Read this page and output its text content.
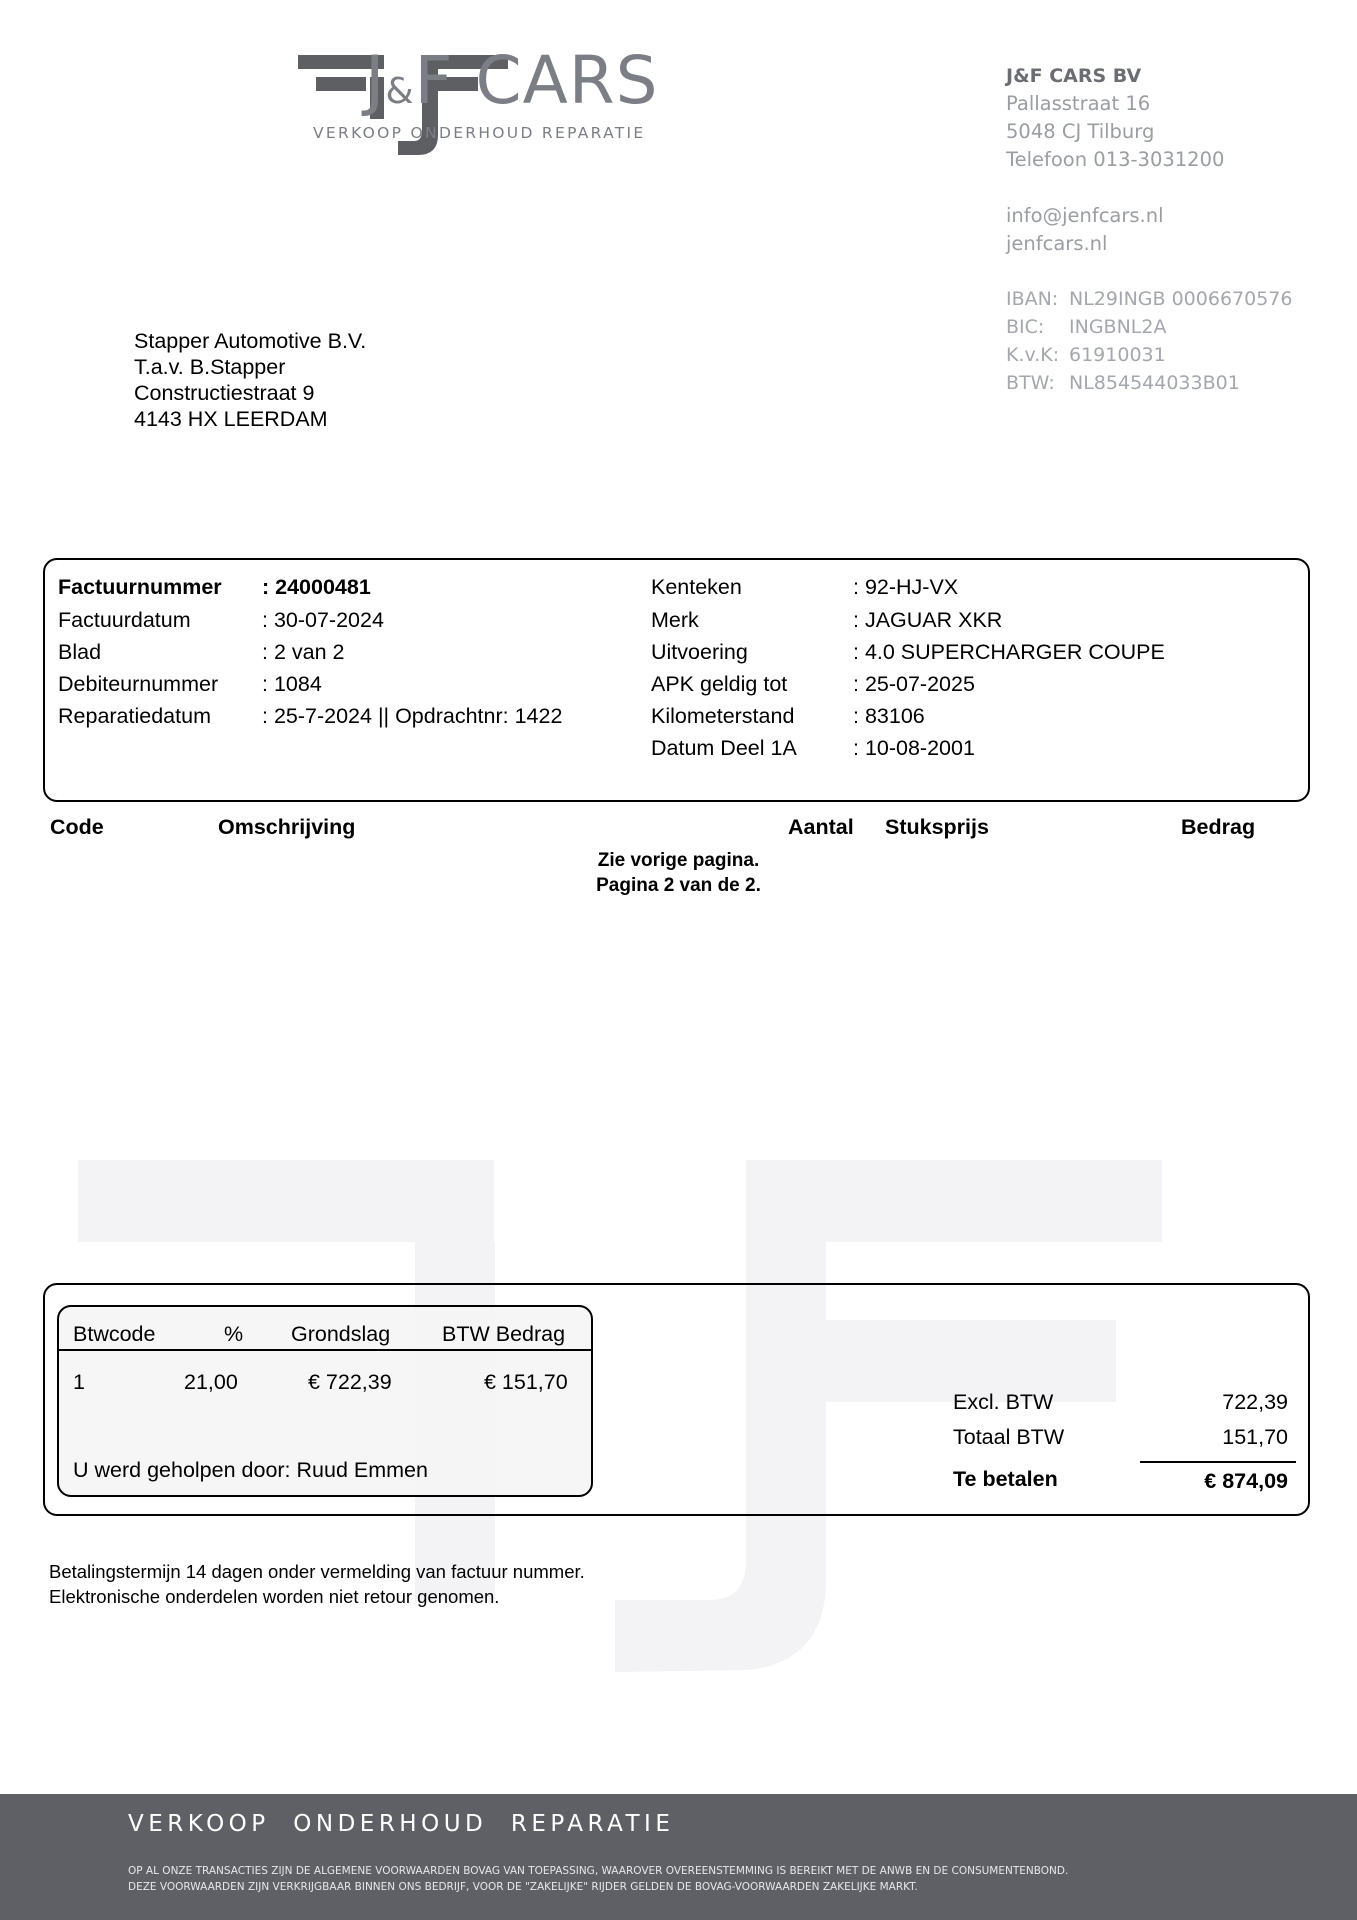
J&F CARS
VERKOOP ONDERHOUD REPARATIE
J&F CARS BV
Pallasstraat 16
5048 CJ Tilburg
Telefoon 013-3031200
info@jenfcars.nl
jenfcars.nl
IBAN: NL29INGB 0006670576
BIC:	INGBNL2A
K.v.K: 61910031
BTW: NL854544033B01
Stapper Automotive B.V.
T.a.v. B.Stapper
Constructiestraat 9
4143 HX LEERDAM
Factuurnummer : 24000481
Factuurdatum	: 30-07-2024
Blad	: 2 van 2
Debiteurnummer : 1084
Reparatiedatum : 25-7-2024 || Opdrachtnr: 1422
Kenteken	: 92-HJ-VX
Merk	: JAGUAR XKR
Uitvoering	: 4.0 SUPERCHARGER COUPE
APK geldig tot	: 25-07-2025
Kilometerstand	: 83106
Datum Deel 1A	: 10-08-2001
Code	Omschrijving	Aantal Stuksprijs	Bedrag
Zie vorige pagina.
Pagina 2 van de 2.
Btwcode	% Grondslag BTW Bedrag
1	21,00	€ 722,39	€ 151,70
U werd geholpen door: Ruud Emmen
Excl. BTW	722,39
Totaal BTW	151,70
Te betalen	€ 874,09
Betalingstermijn 14 dagen onder vermelding van factuur nummer.
Elektronische onderdelen worden niet retour genomen.
VERKOOP  ONDERHOUD  REPARATIE
OP AL ONZE TRANSACTIES ZIJN DE ALGEMENE VOORWAARDEN BOVAG VAN TOEPASSING, WAAROVER OVEREENSTEMMING IS BEREIKT MET DE ANWB EN DE CONSUMENTENBOND.
DEZE VOORWAARDEN ZIJN VERKRIJGBAAR BINNEN ONS BEDRIJF, VOOR DE "ZAKELIJKE" RIJDER GELDEN DE BOVAG-VOORWAARDEN ZAKELIJKE MARKT.
